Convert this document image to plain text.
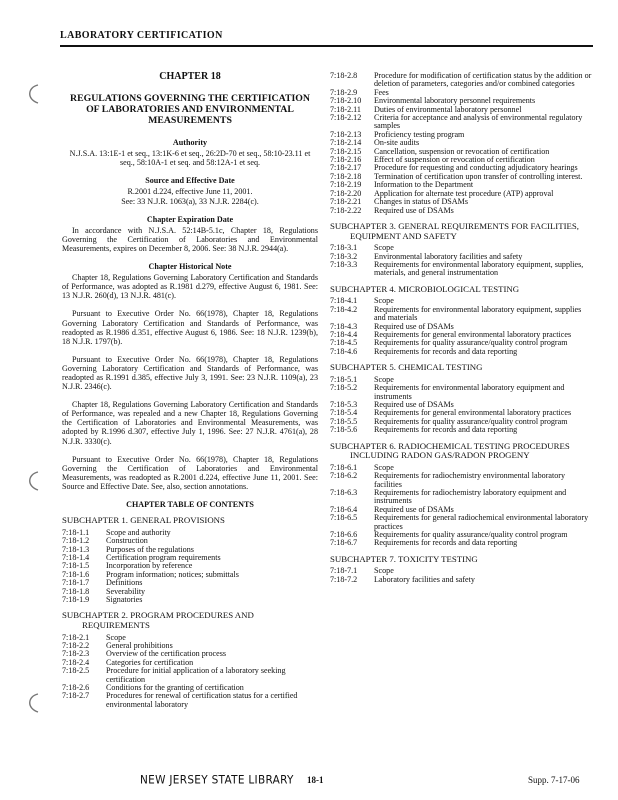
LABORATORY CERTIFICATION
CHAPTER 18
REGULATIONS GOVERNING THE CERTIFICATION OF LABORATORIES AND ENVIRONMENTAL MEASUREMENTS
Authority
N.J.S.A. 13:1E-1 et seq., 13:1K-6 et seq., 26:2D-70 et seq., 58:10-23.11 et seq., 58:10A-1 et seq. and 58:12A-1 et seq.
Source and Effective Date
R.2001 d.224, effective June 11, 2001.
See: 33 N.J.R. 1063(a), 33 N.J.R. 2284(c).
Chapter Expiration Date

In accordance with N.J.S.A. 52:14B-5.1c, Chapter 18, Regulations Governing the Certification of Laboratories and Environmental Measurements, expires on December 8, 2006. See: 38 N.J.R. 2944(a).

Chapter Historical Note

Chapter 18, Regulations Governing Laboratory Certification and Standards of Performance, was adopted as R.1981 d.279, effective August 6, 1981. See: 13 N.J.R. 260(d), 13 N.J.R. 481(c).

Pursuant to Executive Order No. 66(1978), Chapter 18, Regulations Governing Laboratory Certification and Standards of Performance, was readopted as R.1986 d.351, effective August 6, 1986. See: 18 N.J.R. 1239(b), 18 N.J.R. 1797(b).

Pursuant to Executive Order No. 66(1978), Chapter 18, Regulations Governing Laboratory Certification and Standards of Performance, was readopted as R.1991 d.385, effective July 3, 1991. See: 23 N.J.R. 1109(a), 23 N.J.R. 2346(c).

Chapter 18, Regulations Governing Laboratory Certification and Standards of Performance, was repealed and a new Chapter 18, Regulations Governing the Certification of Laboratories and Environmental Measurements, was adopted by R.1996 d.307, effective July 1, 1996. See: 27 N.J.R. 4761(a), 28 N.J.R. 3330(c).

Pursuant to Executive Order No. 66(1978), Chapter 18, Regulations Governing the Certification of Laboratories and Environmental Measurements, was readopted as R.2001 d.224, effective June 11, 2001. See: Source and Effective Date. See, also, section annotations.

CHAPTER TABLE OF CONTENTS
SUBCHAPTER 1. GENERAL PROVISIONS
7:18-1.1	Scope and authority
7:18-1.2	Construction
7:18-1.3	Purposes of the regulations
7:18-1.4	Certification program requirements
7:18-1.5	Incorporation by reference
7:18-1.6	Program information; notices; submittals
7:18-1.7	Definitions
7:18-1.8	Severability
7:18-1.9	Signatories
SUBCHAPTER 2. PROGRAM PROCEDURES AND REQUIREMENTS
7:18-2.1	Scope
7:18-2.2	General prohibitions
7:18-2.3	Overview of the certification process
7:18-2.4	Categories for certification
7:18-2.5	Procedure for initial application of a laboratory seeking certification
7:18-2.6	Conditions for the granting of certification
7:18-2.7	Procedures for renewal of certification status for a certified environmental laboratory
7:18-2.8	Procedure for modification of certification status by the addition or deletion of parameters, categories and/or combined categories
7:18-2.9	Fees
7:18-2.10	Environmental laboratory personnel requirements
7:18-2.11	Duties of environmental laboratory personnel
7:18-2.12	Criteria for acceptance and analysis of environmental regulatory samples
7:18-2.13	Proficiency testing program
7:18-2.14	On-site audits
7:18-2.15	Cancellation, suspension or revocation of certification
7:18-2.16	Effect of suspension or revocation of certification
7:18-2.17	Procedure for requesting and conducting adjudicatory hearings
7:18-2.18	Termination of certification upon transfer of controlling interest.
7:18-2.19	Information to the Department
7:18-2.20	Application for alternate test procedure (ATP) approval
7:18-2.21	Changes in status of DSAMs
7:18-2.22	Required use of DSAMs
SUBCHAPTER 3. GENERAL REQUIREMENTS FOR FACILITIES, EQUIPMENT AND SAFETY
7:18-3.1	Scope
7:18-3.2	Environmental laboratory facilities and safety
7:18-3.3	Requirements for environmental laboratory equipment, supplies, materials, and general instrumentation
SUBCHAPTER 4. MICROBIOLOGICAL TESTING
7:18-4.1	Scope
7:18-4.2	Requirements for environmental laboratory equipment, supplies and materials
7:18-4.3	Required use of DSAMs
7:18-4.4	Requirements for general environmental laboratory practices
7:18-4.5	Requirements for quality assurance/quality control program
7:18-4.6	Requirements for records and data reporting
SUBCHAPTER 5. CHEMICAL TESTING
7:18-5.1	Scope
7:18-5.2	Requirements for environmental laboratory equipment and instruments
7:18-5.3	Required use of DSAMs
7:18-5.4	Requirements for general environmental laboratory practices
7:18-5.5	Requirements for quality assurance/quality control program
7:18-5.6	Requirements for records and data reporting
SUBCHAPTER 6. RADIOCHEMICAL TESTING PROCEDURES INCLUDING RADON GAS/RADON PROGENY
7:18-6.1	Scope
7:18-6.2	Requirements for radiochemistry environmental laboratory facilities
7:18-6.3	Requirements for radiochemistry laboratory equipment and instruments
7:18-6.4	Required use of DSAMs
7:18-6.5	Requirements for general radiochemical environmental laboratory practices
7:18-6.6	Requirements for quality assurance/quality control program
7:18-6.7	Requirements for records and data reporting
SUBCHAPTER 7. TOXICITY TESTING
7:18-7.1	Scope
7:18-7.2	Laboratory facilities and safety
NEW JERSEY STATE LIBRARY 18-1	Supp. 7-17-06
